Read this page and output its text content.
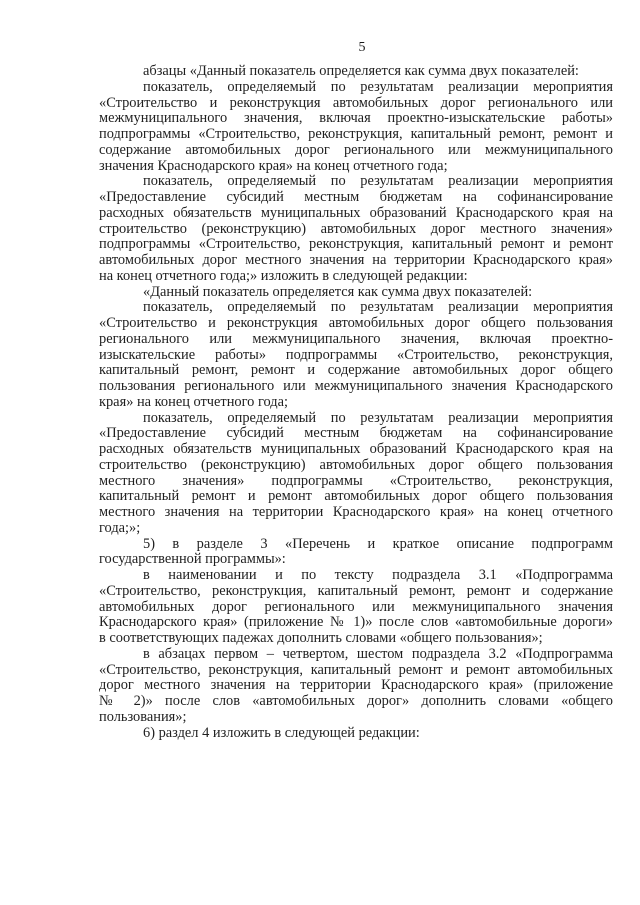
5
абзацы «Данный показатель определяется как сумма двух показателей:
показатель, определяемый по результатам реализации мероприятия
«Строительство и реконструкция автомобильных дорог регионального или
межмуниципального значения, включая проектно-изыскательские работы»
подпрограммы «Строительство, реконструкция, капитальный ремонт, ремонт и
содержание автомобильных дорог регионального или межмуниципального
значения Краснодарского края» на конец отчетного года;
показатель, определяемый по результатам реализации мероприятия
«Предоставление субсидий местным бюджетам на софинансирование
расходных обязательств муниципальных образований Краснодарского края на
строительство (реконструкцию) автомобильных дорог местного значения»
подпрограммы «Строительство, реконструкция, капитальный ремонт и ремонт
автомобильных дорог местного значения на территории Краснодарского края»
на конец отчетного года;» изложить в следующей редакции:
«Данный показатель определяется как сумма двух показателей:
показатель, определяемый по результатам реализации мероприятия
«Строительство и реконструкция автомобильных дорог общего пользования
регионального или межмуниципального значения, включая проектно-
изыскательские работы» подпрограммы «Строительство, реконструкция,
капитальный ремонт, ремонт и содержание автомобильных дорог общего
пользования регионального или межмуниципального значения Краснодарского
края» на конец отчетного года;
показатель, определяемый по результатам реализации мероприятия
«Предоставление субсидий местным бюджетам на софинансирование
расходных обязательств муниципальных образований Краснодарского края на
строительство (реконструкцию) автомобильных дорог общего пользования
местного значения» подпрограммы «Строительство, реконструкция,
капитальный ремонт и ремонт автомобильных дорог общего пользования
местного значения на территории Краснодарского края» на конец отчетного
года;»;
5) в разделе 3 «Перечень и краткое описание подпрограмм
государственной программы»:
в наименовании и по тексту подраздела 3.1 «Подпрограмма
«Строительство, реконструкция, капитальный ремонт, ремонт и содержание
автомобильных дорог регионального или межмуниципального значения
Краснодарского края» (приложение № 1)» после слов «автомобильные дороги»
в соответствующих падежах дополнить словами «общего пользования»;
в абзацах первом – четвертом, шестом подраздела 3.2 «Подпрограмма
«Строительство, реконструкция, капитальный ремонт и ремонт автомобильных
дорог местного значения на территории Краснодарского края» (приложение
№ 2)» после слов «автомобильных дорог» дополнить словами «общего
пользования»;
6) раздел 4 изложить в следующей редакции:
